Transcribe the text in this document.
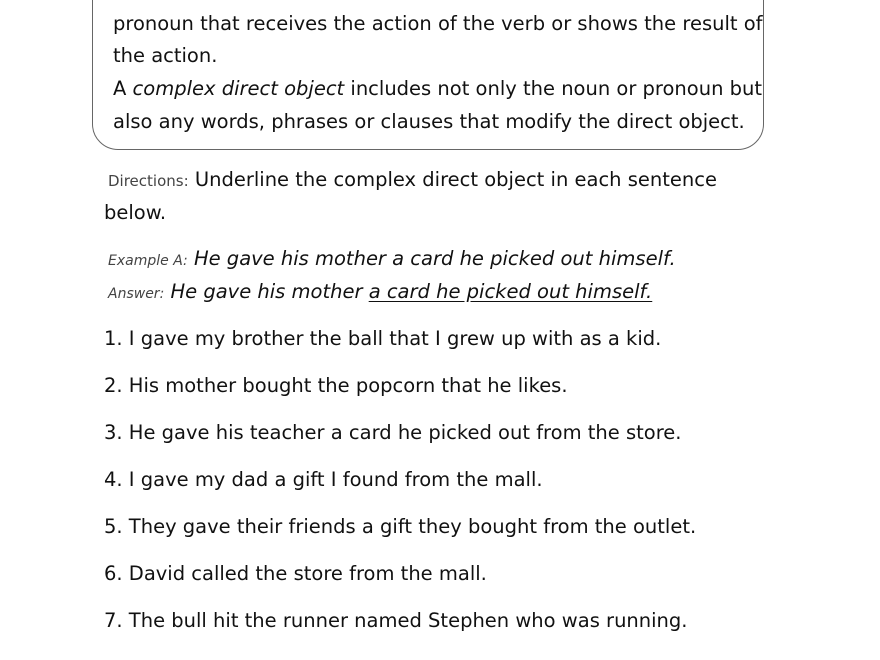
pronoun that receives the action of the verb or shows the result of
the action.
A complex direct object includes not only the noun or pronoun but
also any words, phrases or clauses that modify the direct object.
Directions: Underline the complex direct object in each sentence
below.
Example A: He gave his mother a card he picked out himself.
Answer: He gave his mother a card he picked out himself.
1. I gave my brother the ball that I grew up with as a kid.
2. His mother bought the popcorn that he likes.
3. He gave his teacher a card he picked out from the store.
4. I gave my dad a gift I found from the mall.
5. They gave their friends a gift they bought from the outlet.
6. David called the store from the mall.
7. The bull hit the runner named Stephen who was running.
